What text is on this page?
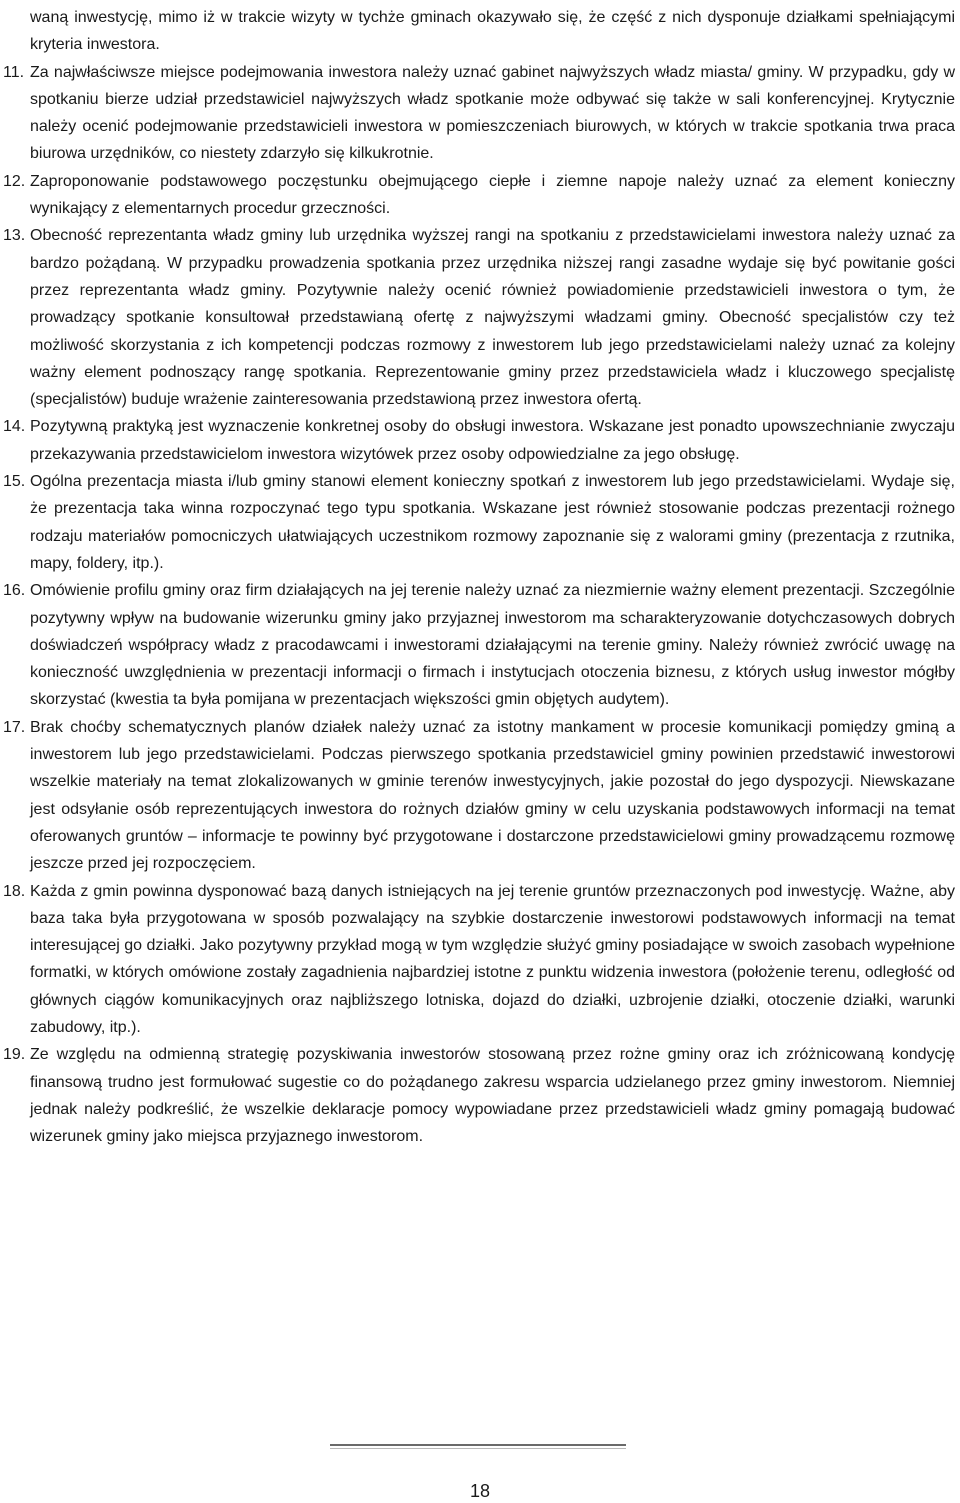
waną inwestycję, mimo iż w trakcie wizyty w tychże gminach okazywało się, że część z nich dysponuje działkami spełniającymi kryteria inwestora.

11. Za najwłaściwsze miejsce podejmowania inwestora należy uznać gabinet najwyższych władz miasta/ gminy. W przypadku, gdy w spotkaniu bierze udział przedstawiciel najwyższych władz spotkanie może odbywać się także w sali konferencyjnej. Krytycznie należy ocenić podejmowanie przedstawicieli inwestora w pomieszczeniach biurowych, w których w trakcie spotkania trwa praca biurowa urzędników, co niestety zdarzyło się kilkukrotnie.
12. Zaproponowanie podstawowego poczęstunku obejmującego ciepłe i ziemne napoje należy uznać za element konieczny wynikający z elementarnych procedur grzeczności.
13. Obecność reprezentanta władz gminy lub urzędnika wyższej rangi na spotkaniu z przedstawicielami inwestora należy uznać za bardzo pożądaną. W przypadku prowadzenia spotkania przez urzędnika niższej rangi zasadne wydaje się być powitanie gości przez reprezentanta władz gminy. Pozytywnie należy ocenić również powiadomienie przedstawicieli inwestora o tym, że prowadzący spotkanie konsultował przedstawianą ofertę z najwyższymi władzami gminy. Obecność specjalistów czy też możliwość skorzystania z ich kompetencji podczas rozmowy z inwestorem lub jego przedstawicielami należy uznać za kolejny ważny element podnoszący rangę spotkania. Reprezentowanie gminy przez przedstawiciela władz i kluczowego specjalistę (specjalistów) buduje wrażenie zainteresowania przedstawioną przez inwestora ofertą.
14. Pozytywną praktyką jest wyznaczenie konkretnej osoby do obsługi inwestora. Wskazane jest ponadto upowszechnianie zwyczaju przekazywania przedstawicielom inwestora wizytówek przez osoby odpowiedzialne za jego obsługę.
15. Ogólna prezentacja miasta i/lub gminy stanowi element konieczny spotkań z inwestorem lub jego przedstawicielami. Wydaje się, że prezentacja taka winna rozpoczynać tego typu spotkania. Wskazane jest również stosowanie podczas prezentacji rożnego rodzaju materiałów pomocniczych ułatwiających uczestnikom rozmowy zapoznanie się z walorami gminy (prezentacja z rzutnika, mapy, foldery, itp.).
16. Omówienie profilu gminy oraz firm działających na jej terenie należy uznać za niezmiernie ważny element prezentacji. Szczególnie pozytywny wpływ na budowanie wizerunku gminy jako przyjaznej inwestorom ma scharakteryzowanie dotychczasowych dobrych doświadczeń współpracy władz z pracodawcami i inwestorami działającymi na terenie gminy. Należy również zwrócić uwagę na konieczność uwzględnienia w prezentacji informacji o firmach i instytucjach otoczenia biznesu, z których usług inwestor mógłby skorzystać (kwestia ta była pomijana w prezentacjach większości gmin objętych audytem).
17. Brak choćby schematycznych planów działek należy uznać za istotny mankament w procesie komunikacji pomiędzy gminą a inwestorem lub jego przedstawicielami. Podczas pierwszego spotkania przedstawiciel gminy powinien przedstawić inwestorowi wszelkie materiały na temat zlokalizowanych w gminie terenów inwestycyjnych, jakie pozostał do jego dyspozycji. Niewskazane jest odsyłanie osób reprezentujących inwestora do rożnych działów gminy w celu uzyskania podstawowych informacji na temat oferowanych gruntów – informacje te powinny być przygotowane i dostarczone przedstawicielowi gminy prowadzącemu rozmowę jeszcze przed jej rozpoczęciem.
18. Każda z gmin powinna dysponować bazą danych istniejących na jej terenie gruntów przeznaczonych pod inwestycję. Ważne, aby baza taka była przygotowana w sposób pozwalający na szybkie dostarczenie inwestorowi podstawowych informacji na temat interesującej go działki. Jako pozytywny przykład mogą w tym względzie służyć gminy posiadające w swoich zasobach wypełnione formatki, w których omówione zostały zagadnienia najbardziej istotne z punktu widzenia inwestora (położenie terenu, odległość od głównych ciągów komunikacyjnych oraz najbliższego lotniska, dojazd do działki, uzbrojenie działki, otoczenie działki, warunki zabudowy, itp.).
19. Ze względu na odmienną strategię pozyskiwania inwestorów stosowaną przez rożne gminy oraz ich zróżnicowaną kondycję finansową trudno jest formułować sugestie co do pożądanego zakresu wsparcia udzielanego przez gminy inwestorom. Niemniej jednak należy podkreślić, że wszelkie deklaracje pomocy wypowiadane przez przedstawicieli władz gminy pomagają budować wizerunek gminy jako miejsca przyjaznego inwestorom.
18
